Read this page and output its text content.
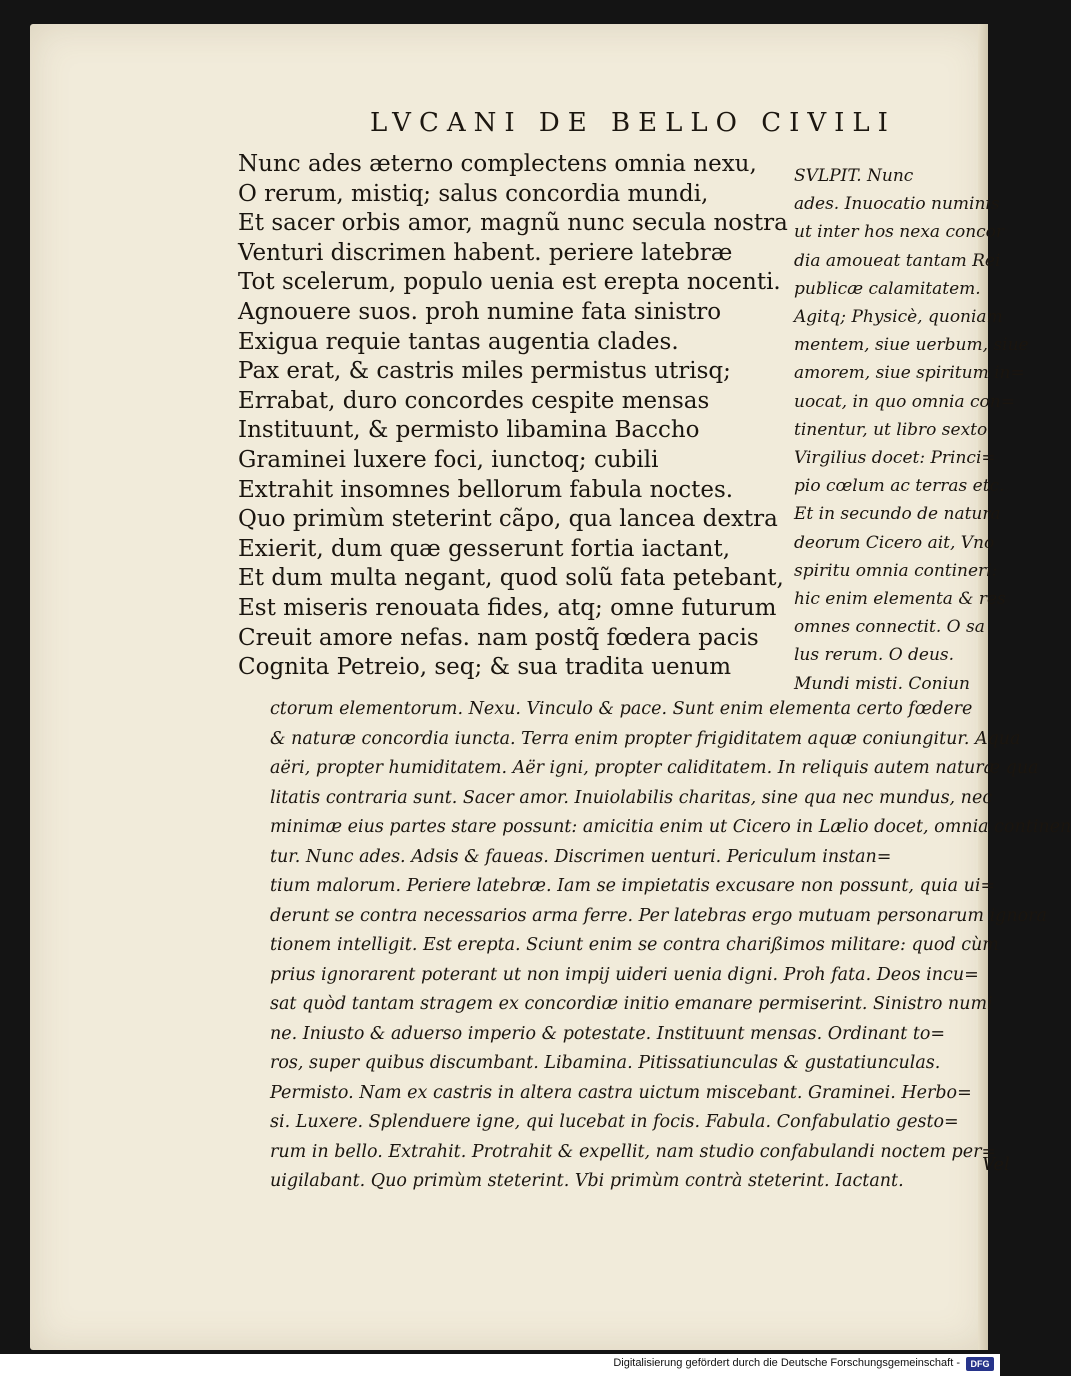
LVCANI DE BELLO CIVILI
Nunc ades æterno complectens omnia nexu,
O rerum, mistiq; salus concordia mundi,
Et sacer orbis amor, magnũ nunc secula nostra
Venturi discrimen habent. periere latebræ
Tot scelerum, populo uenia est erepta nocenti.
Agnouere suos. proh numine fata sinistro
Exigua requie tantas augentia clades.
Pax erat, & castris miles permistus utrisq;
Errabat, duro concordes cespite mensas
Instituunt, & permisto libamina Baccho
Graminei luxere foci, iunctoq; cubili
Extrahit insomnes bellorum fabula noctes.
Quo primùm steterint cãpo, qua lancea dextra
Exierit, dum quæ gesserunt fortia iactant,
Et dum multa negant, quod solũ fata petebant,
Est miseris renouata fides, atq; omne futurum
Creuit amore nefas. nam postq̃ fœdera pacis
Cognita Petreio, seq; & sua tradita uenum
SVLPIT. Nunc
ades. Inuocatio numinis
ut inter hos nexa concor
dia amoueat tantam Rei
publicæ calamitatem.
Agitq; Physicè, quoniam
mentem, siue uerbum, siue
amorem, siue spiritum in=
uocat, in quo omnia con=
tinentur, ut libro sexto
Virgilius docet: Princi=
pio cœlum ac terras etc.
Et in secundo de natura
deorum Cicero ait, Vno
spiritu omnia contineri:
hic enim elementa & res
omnes connectit. O sa
lus rerum. O deus.
Mundi misti. Coniun
ctorum elementorum. Nexu. Vinculo & pace. Sunt enim elementa certo fœdere
& naturæ concordia iuncta. Terra enim propter frigiditatem aquæ coniungitur. Aqua
aëri, propter humiditatem. Aër igni, propter caliditatem. In reliquis autem naturæ qua
litatis contraria sunt. Sacer amor. Inuiolabilis charitas, sine qua nec mundus, nec
minimæ eius partes stare possunt: amicitia enim ut Cicero in Lælio docet, omnia continen
tur. Nunc ades. Adsis & faueas. Discrimen uenturi. Periculum instan=
tium malorum. Periere latebræ. Iam se impietatis excusare non possunt, quia ui=
derunt se contra necessarios arma ferre. Per latebras ergo mutuam personarum ignora
tionem intelligit. Est erepta. Sciunt enim se contra charißimos militare: quod cùm
prius ignorarent poterant ut non impij uideri uenia digni. Proh fata. Deos incu=
sat quòd tantam stragem ex concordiæ initio emanare permiserint. Sinistro numi
ne. Iniusto & aduerso imperio & potestate. Instituunt mensas. Ordinant to=
ros, super quibus discumbant. Libamina. Pitissatiunculas & gustatiunculas.
Permisto. Nam ex castris in altera castra uictum miscebant. Graminei. Herbo=
si. Luxere. Splenduere igne, qui lucebat in focis. Fabula. Confabulatio gesto=
rum in bello. Extrahit. Protrahit & expellit, nam studio confabulandi noctem per=
uigilabant. Quo primùm steterint. Vbi primùm contrà steterint. Iactant.
Vel
Digitalisierung gefördert durch die Deutsche Forschungsgemeinschaft -	DFG
